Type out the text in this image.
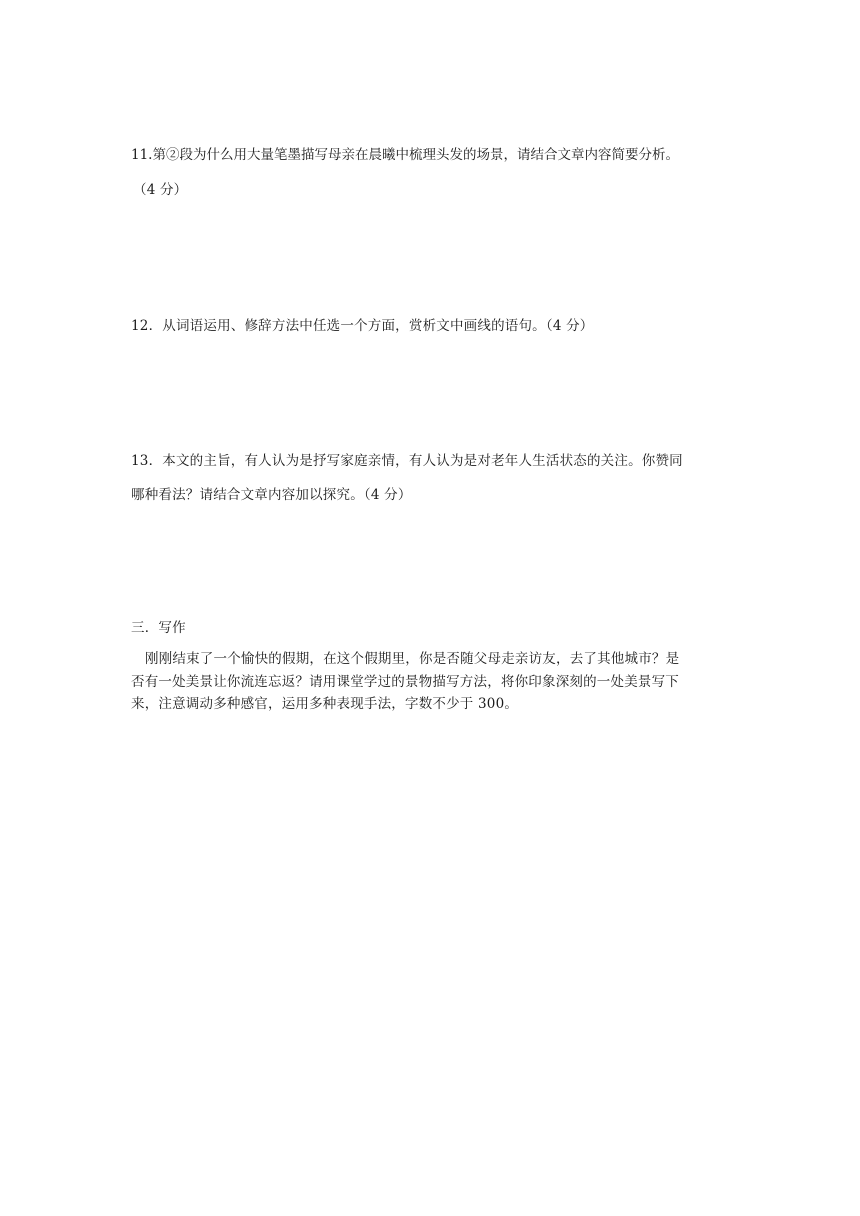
11.第②段为什么用大量笔墨描写母亲在晨曦中梳理头发的场景，请结合文章内容简要分析。
（4 分）
12．从词语运用、修辞方法中任选一个方面，赏析文中画线的语句。（4 分）
13．本文的主旨，有人认为是抒写家庭亲情，有人认为是对老年人生活状态的关注。你赞同
哪种看法？请结合文章内容加以探究。（4 分）
三．写作
刚刚结束了一个愉快的假期，在这个假期里，你是否随父母走亲访友，去了其他城市？是
否有一处美景让你流连忘返？请用课堂学过的景物描写方法，将你印象深刻的一处美景写下
来，注意调动多种感官，运用多种表现手法，字数不少于 300。
